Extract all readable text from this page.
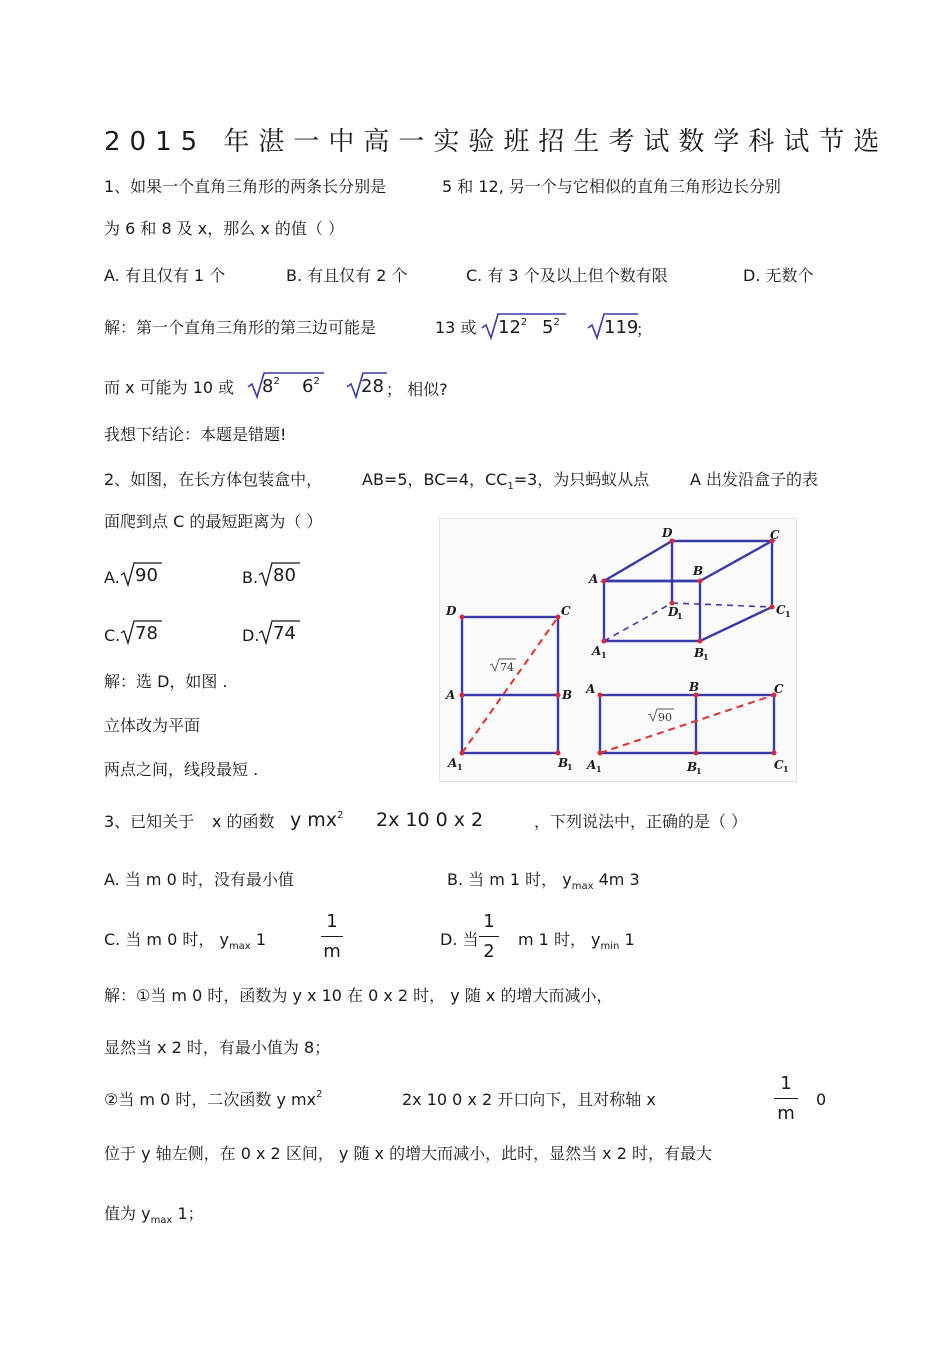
2015 年湛一中高一实验班招生考试数学科试节选
1、如果一个直角三角形的两条长分别是	5 和 12, 另一个与它相似的直角三角形边长分别
为 6 和 8 及 x，那么 x 的值（ ）
A. 有且仅有 1 个	B. 有且仅有 2 个	C. 有 3 个及以上但个数有限	D. 无数个
解：第一个直角三角形的第三边可能是	13 或 $12^2$ $5^2$ 119
；
而 x 可能为 10 或 $8^2$ $6^2$ 28 ； 相似?
我想下结论：本题是错题!
2、如图，在长方体包装盒中， AB=5，BC=4，$CC_1=3$，为只蚂蚁从点	A 出发沿盒子的表
面爬到点 C 的最短距离为（ ）
A. 90	B. 80
C. 78	D. 74
解：选 D，如图 .
立体改为平面
两点之间，线段最短 .
D	C
A
B
D	C
A	B
1	1
1	1
D	C
A	B
A	B
1	1
74
A	B	C
A	B	C
1	1	1
90
3、已知关于 x 的函数 y $mx^2$ 2x 10 0 x 2	，下列说法中，正确的是（ ）
A. 当 m 0 时，没有最小值	B. 当 m 1 时， $y_{max}$ 4m 3
C. 当 m 0 时， $y_{max}$ 1
1
m
D. 当
1
2
m 1 时， $y_{min}$ 1
解：①当 m 0 时，函数为 y x 10 在 0 x 2 时， y 随 x 的增大而减小，
显然当 x 2 时，有最小值为 8；
②当 m 0 时，二次函数 y $mx^2$	2x 10 0 x 2 开口向下，且对称轴 x
1
m
0
位于 y 轴左侧，在 0 x 2 区间， y 随 x 的增大而减小，此时，显然当 x 2 时，有最大
值为 $y_{max}$ 1；
